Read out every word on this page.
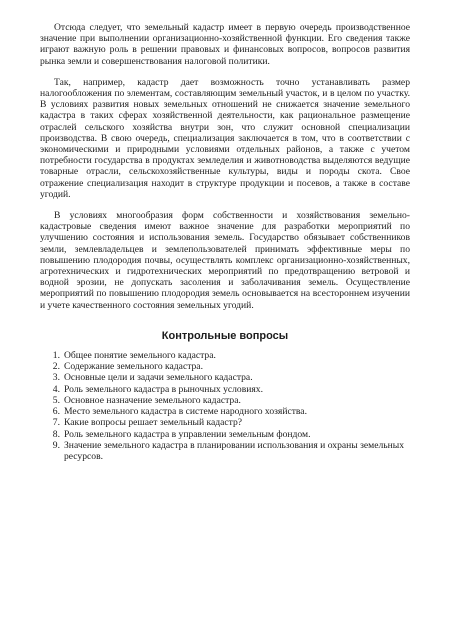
Отсюда следует, что земельный кадастр имеет в первую очередь производственное значение при выполнении организационно-хозяйственной функции. Его сведения также играют важную роль в решении правовых и финансовых вопросов, вопросов развития рынка земли и совершенствования налоговой политики.

Так, например, кадастр дает возможность точно устанавливать размер налогообложения по элементам, составляющим земельный участок, и в целом по участку. В условиях развития новых земельных отношений не снижается значение земельного кадастра в таких сферах хозяйственной деятельности, как рациональное размещение отраслей сельского хозяйства внутри зон, что служит основной специализации производства. В свою очередь, специализация заключается в том, что в соответствии с экономическими и природными условиями отдельных районов, а также с учетом потребности государства в продуктах земледелия и животноводства выделяются ведущие товарные отрасли, сельскохозяйственные культуры, виды и породы скота. Свое отражение специализация находит в структуре продукции и посевов, а также в составе угодий.

В условиях многообразия форм собственности и хозяйствования земельно-кадастровые сведения имеют важное значение для разработки мероприятий по улучшению состояния и использования земель. Государство обязывает собственников земли, землевладельцев и землепользователей принимать эффективные меры по повышению плодородия почвы, осуществлять комплекс организационно-хозяйственных, агротехнических и гидротехнических мероприятий по предотвращению ветровой и водной эрозии, не допускать засоления и заболачивания земель. Осуществление мероприятий по повышению плодородия земель основывается на всестороннем изучении и учете качественного состояния земельных угодий.

Контрольные вопросы
1. Общее понятие земельного кадастра.
2. Содержание земельного кадастра.
3. Основные цели и задачи земельного кадастра.
4. Роль земельного кадастра в рыночных условиях.
5. Основное назначение земельного кадастра.
6. Место земельного кадастра в системе народного хозяйства.
7. Какие вопросы решает земельный кадастр?
8. Роль земельного кадастра в управлении земельным фондом.
9. Значение земельного кадастра в планировании использования и охраны земельных ресурсов.
